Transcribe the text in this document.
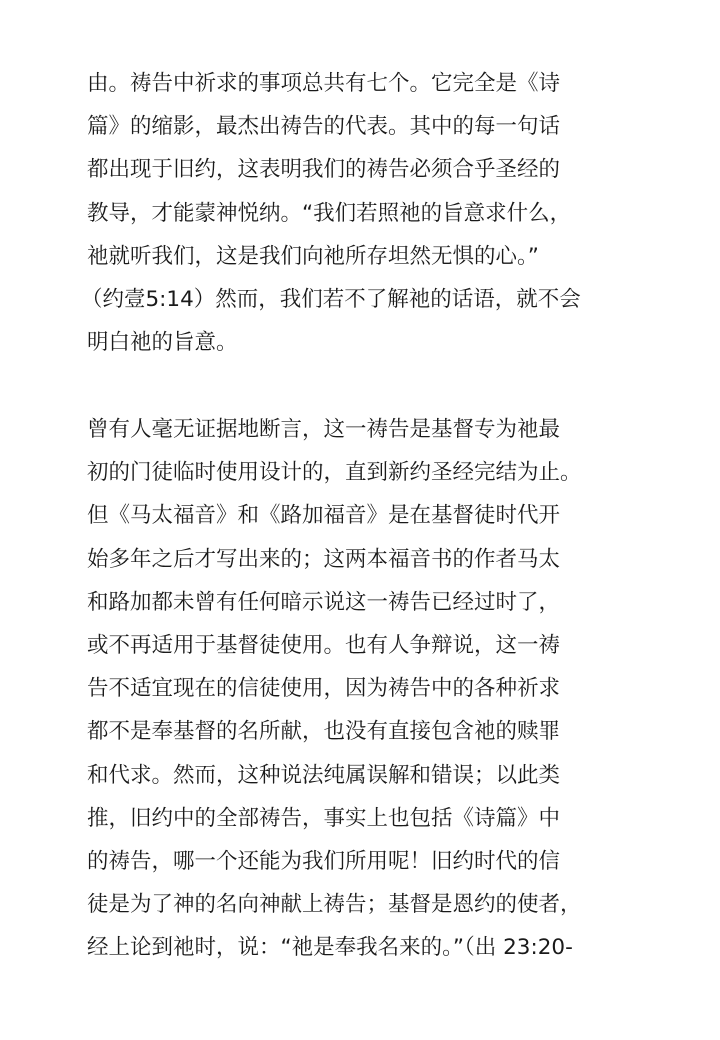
由。祷告中祈求的事项总共有七个。它完全是《诗
篇》的缩影，最杰出祷告的代表。其中的每一句话
都出现于旧约，这表明我们的祷告必须合乎圣经的
教导，才能蒙神悦纳。“我们若照祂的旨意求什么，
祂就听我们，这是我们向祂所存坦然无惧的心。”
（约壹5:14）然而，我们若不了解祂的话语，就不会
明白祂的旨意。
曾有人毫无证据地断言，这一祷告是基督专为祂最
初的门徒临时使用设计的，直到新约圣经完结为止。
但《马太福音》和《路加福音》是在基督徒时代开
始多年之后才写出来的；这两本福音书的作者马太
和路加都未曾有任何暗示说这一祷告已经过时了，
或不再适用于基督徒使用。也有人争辩说，这一祷
告不适宜现在的信徒使用，因为祷告中的各种祈求
都不是奉基督的名所献，也没有直接包含祂的赎罪
和代求。然而，这种说法纯属误解和错误；以此类
推，旧约中的全部祷告，事实上也包括《诗篇》中
的祷告，哪一个还能为我们所用呢！旧约时代的信
徒是为了神的名向神献上祷告；基督是恩约的使者，
经上论到祂时，说：“祂是奉我名来的。”（出 23:20-
